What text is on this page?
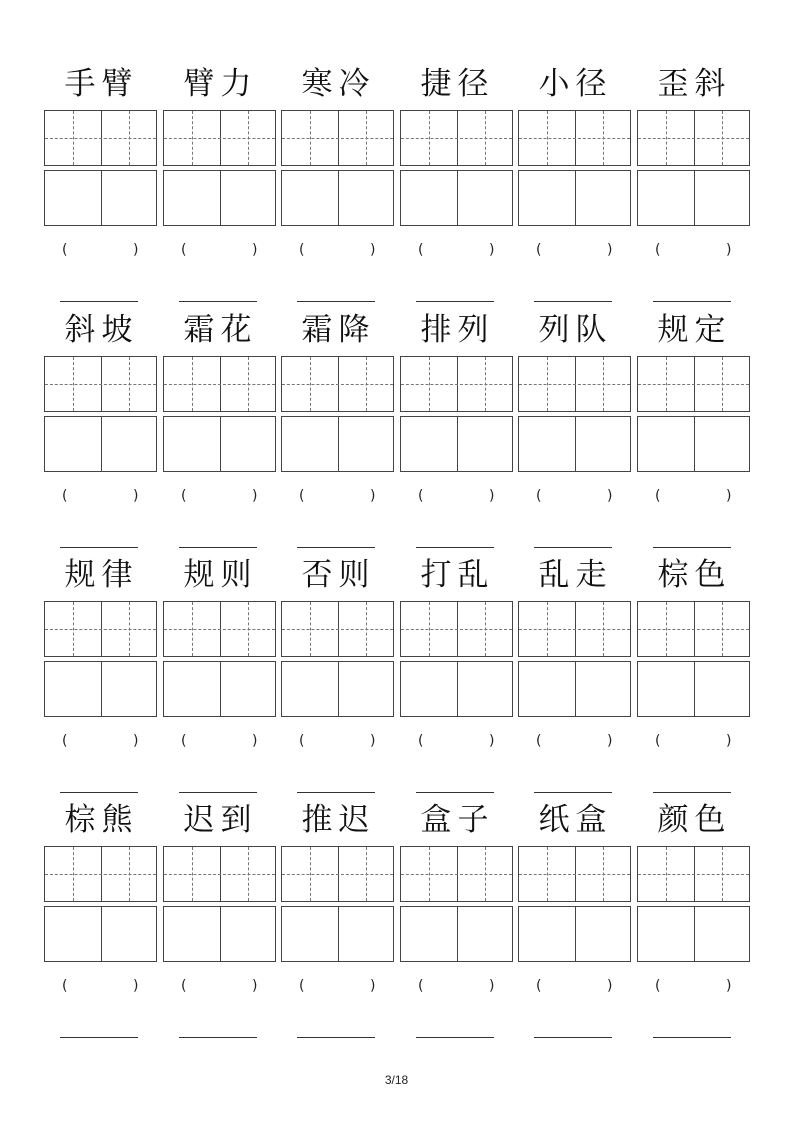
手臂
(	)
臂力
(	)
寒冷
(	)
捷径
(	)
小径
(	)
歪斜
(	)
斜坡
(	)
霜花
(	)
霜降
(	)
排列
(	)
列队
(	)
规定
(	)
规律
(	)
规则
(	)
否则
(	)
打乱
(	)
乱走
(	)
棕色
(	)
棕熊
(	)
迟到
(	)
推迟
(	)
盒子
(	)
纸盒
(	)
颜色
(	)
3/18
